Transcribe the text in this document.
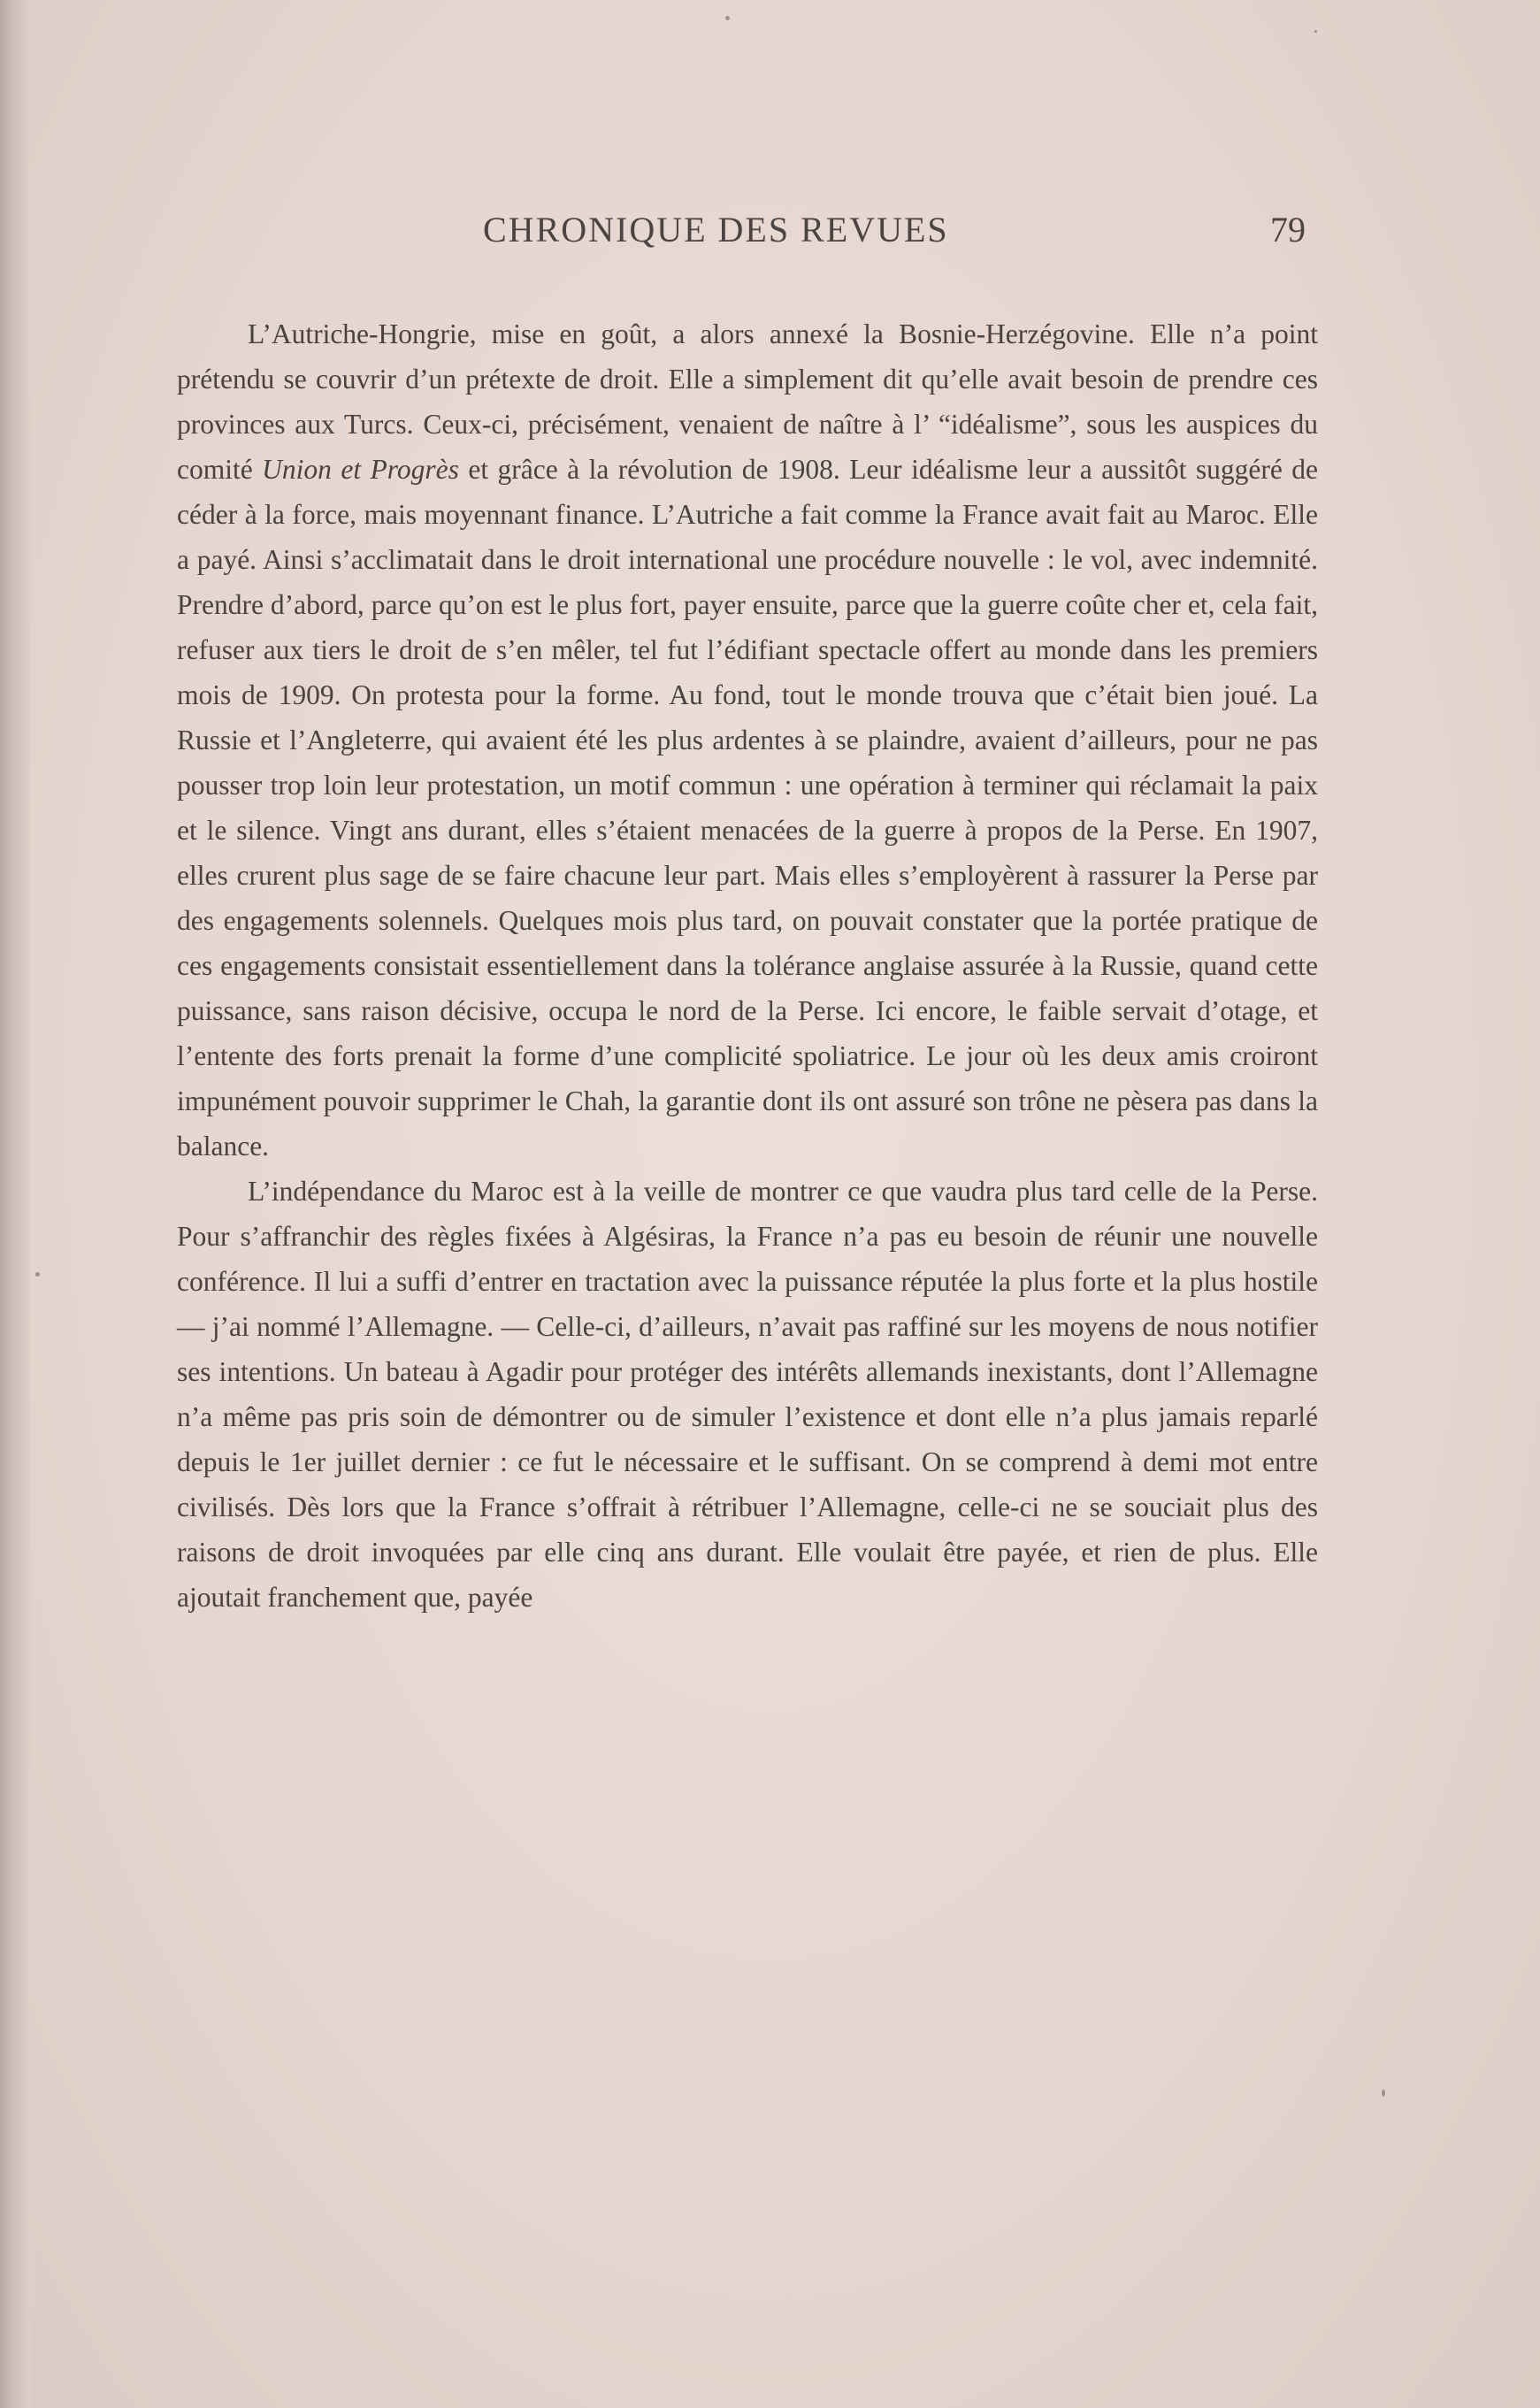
CHRONIQUE DES REVUES	79

L’Autriche-Hongrie, mise en goût, a alors annexé la Bosnie-Herzégovine. Elle n’a point prétendu se couvrir d’un prétexte de droit. Elle a simplement dit qu’elle avait besoin de prendre ces provinces aux Turcs. Ceux-ci, précisément, venaient de naître à l’ “idéalisme”, sous les auspices du comité Union et Progrès et grâce à la révolution de 1908. Leur idéalisme leur a aussitôt suggéré de céder à la force, mais moyennant finance. L’Autriche a fait comme la France avait fait au Maroc. Elle a payé. Ainsi s’acclimatait dans le droit international une procédure nouvelle : le vol, avec indemnité. Prendre d’abord, parce qu’on est le plus fort, payer ensuite, parce que la guerre coûte cher et, cela fait, refuser aux tiers le droit de s’en mêler, tel fut l’édifiant spectacle offert au monde dans les premiers mois de 1909. On protesta pour la forme. Au fond, tout le monde trouva que c’était bien joué. La Russie et l’Angleterre, qui avaient été les plus ardentes à se plaindre, avaient d’ailleurs, pour ne pas pousser trop loin leur protestation, un motif commun : une opération à terminer qui réclamait la paix et le silence. Vingt ans durant, elles s’étaient menacées de la guerre à propos de la Perse. En 1907, elles crurent plus sage de se faire chacune leur part. Mais elles s’employèrent à rassurer la Perse par des engagements solennels. Quelques mois plus tard, on pouvait constater que la portée pratique de ces engagements consistait essentiellement dans la tolérance anglaise assurée à la Russie, quand cette puissance, sans raison décisive, occupa le nord de la Perse. Ici encore, le faible servait d’otage, et l’entente des forts prenait la forme d’une complicité spoliatrice. Le jour où les deux amis croiront impunément pouvoir supprimer le Chah, la garantie dont ils ont assuré son trône ne pèsera pas dans la balance.

L’indépendance du Maroc est à la veille de montrer ce que vaudra plus tard celle de la Perse. Pour s’affranchir des règles fixées à Algésiras, la France n’a pas eu besoin de réunir une nouvelle conférence. Il lui a suffi d’entrer en tractation avec la puissance réputée la plus forte et la plus hostile — j’ai nommé l’Allemagne. — Celle-ci, d’ailleurs, n’avait pas raffiné sur les moyens de nous notifier ses intentions. Un bateau à Agadir pour protéger des intérêts allemands inexistants, dont l’Allemagne n’a même pas pris soin de démontrer ou de simuler l’existence et dont elle n’a plus jamais reparlé depuis le 1er juillet dernier : ce fut le nécessaire et le suffisant. On se comprend à demi mot entre civilisés. Dès lors que la France s’offrait à rétribuer l’Allemagne, celle-ci ne se souciait plus des raisons de droit invoquées par elle cinq ans durant. Elle voulait être payée, et rien de plus. Elle ajoutait franchement que, payée
